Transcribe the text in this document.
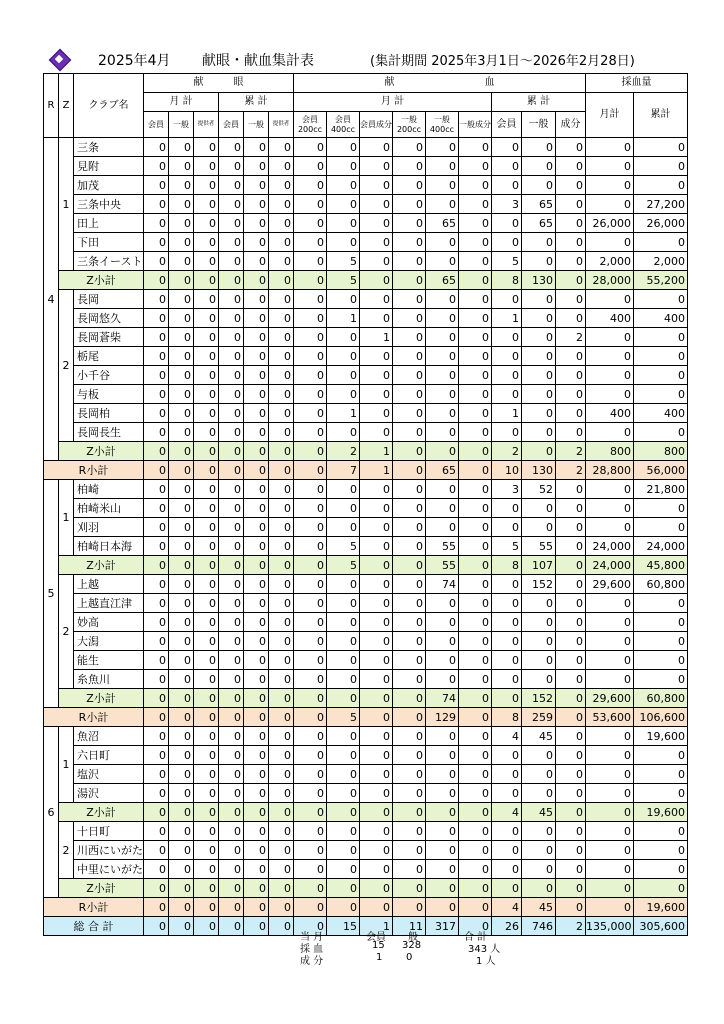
2025年4月 献眼・献血集計表	(集計期間 2025年3月1日～2026年2月28日)
R	Z	クラブ名	献　　　眼						献　　　　　　　　　血									採血量	
			月 計			累 計			月 計						累 計			月計	累計
			会員	一般	提供者	会員	一般	提供者	会員200cc	会員400cc	会員成分	一般200cc	一般400cc	一般成分	会員	一般	成分		
4	1	三条	0	0	0	0	0	0	0	0	0	0	0	0	0	0	0	0	0
		見附	0	0	0	0	0	0	0	0	0	0	0	0	0	0	0	0	0
		加茂	0	0	0	0	0	0	0	0	0	0	0	0	0	0	0	0	0
		三条中央	0	0	0	0	0	0	0	0	0	0	0	0	3	65	0	0	27,200
		田上	0	0	0	0	0	0	0	0	0	0	65	0	0	65	0	26,000	26,000
		下田	0	0	0	0	0	0	0	0	0	0	0	0	0	0	0	0	0
		三条イースト	0	0	0	0	0	0	0	5	0	0	0	0	5	0	0	2,000	2,000
	Z小計		0	0	0	0	0	0	0	5	0	0	65	0	8	130	0	28,000	55,200
	2	長岡	0	0	0	0	0	0	0	0	0	0	0	0	0	0	0	0	0
		長岡悠久	0	0	0	0	0	0	0	1	0	0	0	0	1	0	0	400	400
		長岡蒼柴	0	0	0	0	0	0	0	0	1	0	0	0	0	0	2	0	0
		栃尾	0	0	0	0	0	0	0	0	0	0	0	0	0	0	0	0	0
		小千谷	0	0	0	0	0	0	0	0	0	0	0	0	0	0	0	0	0
		与板	0	0	0	0	0	0	0	0	0	0	0	0	0	0	0	0	0
		長岡柏	0	0	0	0	0	0	0	1	0	0	0	0	1	0	0	400	400
		長岡長生	0	0	0	0	0	0	0	0	0	0	0	0	0	0	0	0	0
	Z小計		0	0	0	0	0	0	0	2	1	0	0	0	2	0	2	800	800
R小計			0	0	0	0	0	0	0	7	1	0	65	0	10	130	2	28,800	56,000
5	1	柏崎	0	0	0	0	0	0	0	0	0	0	0	0	3	52	0	0	21,800
		柏崎米山	0	0	0	0	0	0	0	0	0	0	0	0	0	0	0	0	0
		刈羽	0	0	0	0	0	0	0	0	0	0	0	0	0	0	0	0	0
		柏崎日本海	0	0	0	0	0	0	0	5	0	0	55	0	5	55	0	24,000	24,000
	Z小計		0	0	0	0	0	0	0	5	0	0	55	0	8	107	0	24,000	45,800
	2	上越	0	0	0	0	0	0	0	0	0	0	74	0	0	152	0	29,600	60,800
		上越直江津	0	0	0	0	0	0	0	0	0	0	0	0	0	0	0	0	0
		妙高	0	0	0	0	0	0	0	0	0	0	0	0	0	0	0	0	0
		大潟	0	0	0	0	0	0	0	0	0	0	0	0	0	0	0	0	0
		能生	0	0	0	0	0	0	0	0	0	0	0	0	0	0	0	0	0
		糸魚川	0	0	0	0	0	0	0	0	0	0	0	0	0	0	0	0	0
	Z小計		0	0	0	0	0	0	0	0	0	0	74	0	0	152	0	29,600	60,800
R小計			0	0	0	0	0	0	0	5	0	0	129	0	8	259	0	53,600	106,600
6	1	魚沼	0	0	0	0	0	0	0	0	0	0	0	0	4	45	0	0	19,600
		六日町	0	0	0	0	0	0	0	0	0	0	0	0	0	0	0	0	0
		塩沢	0	0	0	0	0	0	0	0	0	0	0	0	0	0	0	0	0
		湯沢	0	0	0	0	0	0	0	0	0	0	0	0	0	0	0	0	0
	Z小計		0	0	0	0	0	0	0	0	0	0	0	0	4	45	0	0	19,600
	2	十日町	0	0	0	0	0	0	0	0	0	0	0	0	0	0	0	0	0
		川西にいがた	0	0	0	0	0	0	0	0	0	0	0	0	0	0	0	0	0
		中里にいがた	0	0	0	0	0	0	0	0	0	0	0	0	0	0	0	0	0
	Z小計		0	0	0	0	0	0	0	0	0	0	0	0	0	0	0	0	0
R小計			0	0	0	0	0	0	0	0	0	0	0	0	4	45	0	0	19,600
総 合 計			0	0	0	0	0	0	0	15	1	11	317	0	26	746	2	135,000	305,600
当 月	会員 一般	合 計
採 血	15 328	343 人
成 分	1 0	1 人
